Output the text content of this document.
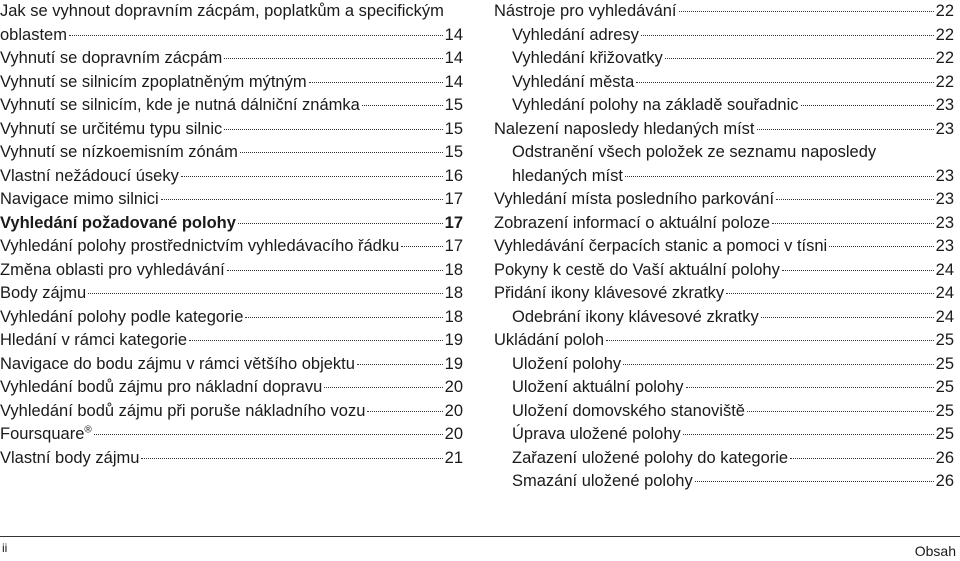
Jak se vyhnout dopravním zácpám, poplatkům a specifickým
oblastem	14
Vyhnutí se dopravním zácpám	14
Vyhnutí se silnicím zpoplatněným mýtným	14
Vyhnutí se silnicím, kde je nutná dálniční známka	15
Vyhnutí se určitému typu silnic	15
Vyhnutí se nízkoemisním zónám	15
Vlastní nežádoucí úseky	16
Navigace mimo silnici	17
Vyhledání požadované polohy	17
Vyhledání polohy prostřednictvím vyhledávacího řádku	17
Změna oblasti pro vyhledávání	18
Body zájmu	18
Vyhledání polohy podle kategorie	18
Hledání v rámci kategorie	19
Navigace do bodu zájmu v rámci většího objektu	19
Vyhledání bodů zájmu pro nákladní dopravu	20
Vyhledání bodů zájmu při poruše nákladního vozu	20
Foursquare®	20
Vlastní body zájmu	21
Nástroje pro vyhledávání	22
Vyhledání adresy	22
Vyhledání křižovatky	22
Vyhledání města	22
Vyhledání polohy na základě souřadnic	23
Nalezení naposledy hledaných míst	23
Odstranění všech položek ze seznamu naposledy
hledaných míst	23
Vyhledání místa posledního parkování	23
Zobrazení informací o aktuální poloze	23
Vyhledávání čerpacích stanic a pomoci v tísni	23
Pokyny k cestě do Vaší aktuální polohy	24
Přidání ikony klávesové zkratky	24
Odebrání ikony klávesové zkratky	24
Ukládání poloh	25
Uložení polohy	25
Uložení aktuální polohy	25
Uložení domovského stanoviště	25
Úprava uložené polohy	25
Zařazení uložené polohy do kategorie	26
Smazání uložené polohy	26
ii	Obsah
